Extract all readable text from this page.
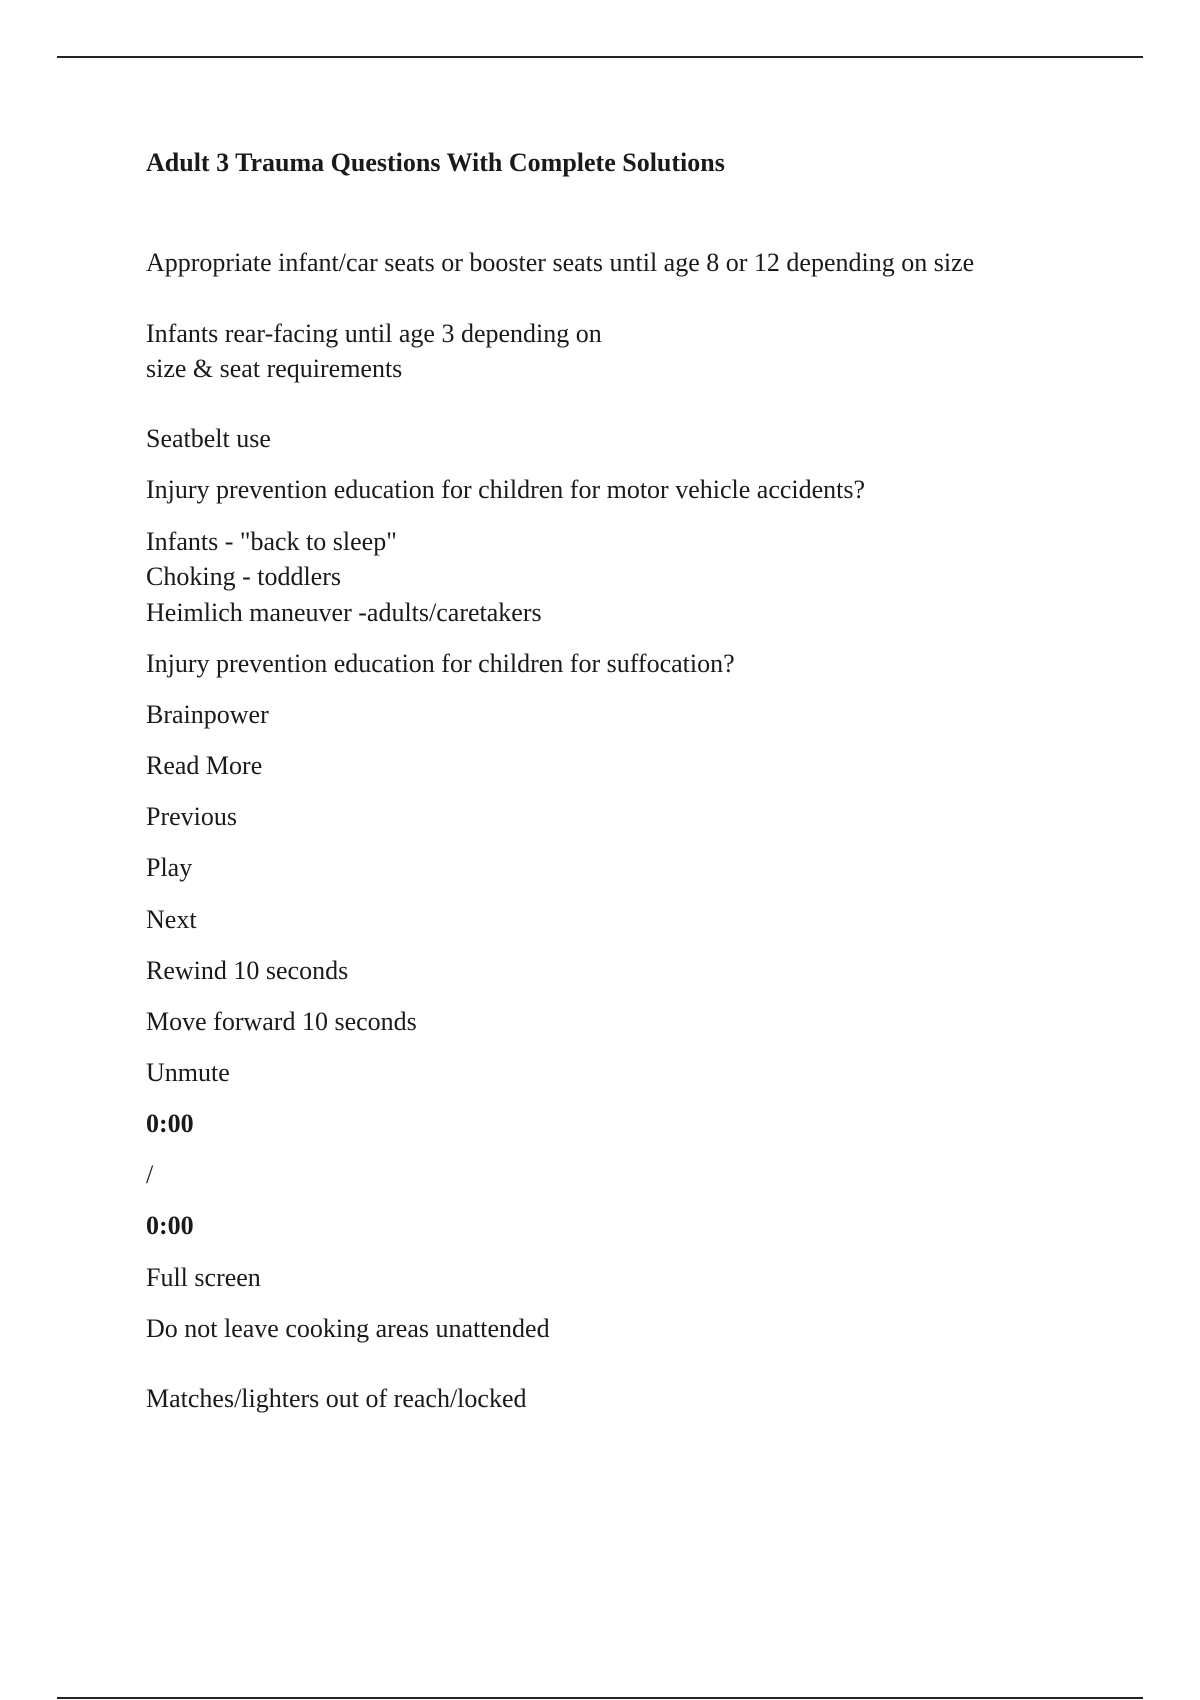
Adult 3 Trauma Questions With Complete Solutions
Appropriate infant/car seats or booster seats until age 8 or 12 depending on size
Infants rear-facing until age 3 depending on
size & seat requirements
Seatbelt use
Injury prevention education for children for motor vehicle accidents?
Infants - "back to sleep"
Choking - toddlers
Heimlich maneuver -adults/caretakers
Injury prevention education for children for suffocation?
Brainpower
Read More
Previous
Play
Next
Rewind 10 seconds
Move forward 10 seconds
Unmute
0:00
/
0:00
Full screen
Do not leave cooking areas unattended
Matches/lighters out of reach/locked
